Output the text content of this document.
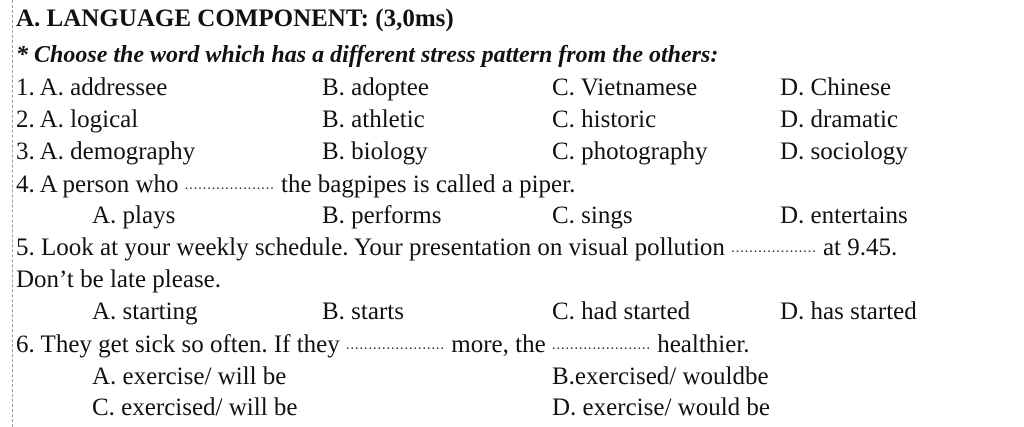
A. LANGUAGE COMPONENT: (3,0ms)
* Choose the word which has a different stress pattern from the others:
1. A. addressee	B. adoptee	C. Vietnamese	D. Chinese
2. A. logical	B. athletic	C. historic	D. dramatic
3. A. demography	B. biology	C. photography	D. sociology
4. A person who .................... the bagpipes is called a piper.
A. plays	B. performs	C. sings	D. entertains
5. Look at your weekly schedule. Your presentation on visual pollution ................... at 9.45.
Don’t be late please.
A. starting	B. starts	C. had started	D. has started
6. They get sick so often. If they ...................... more, the ...................... healthier.
A. exercise/ will be	B.exercised/ wouldbe
C. exercised/ will be	D. exercise/ would be
